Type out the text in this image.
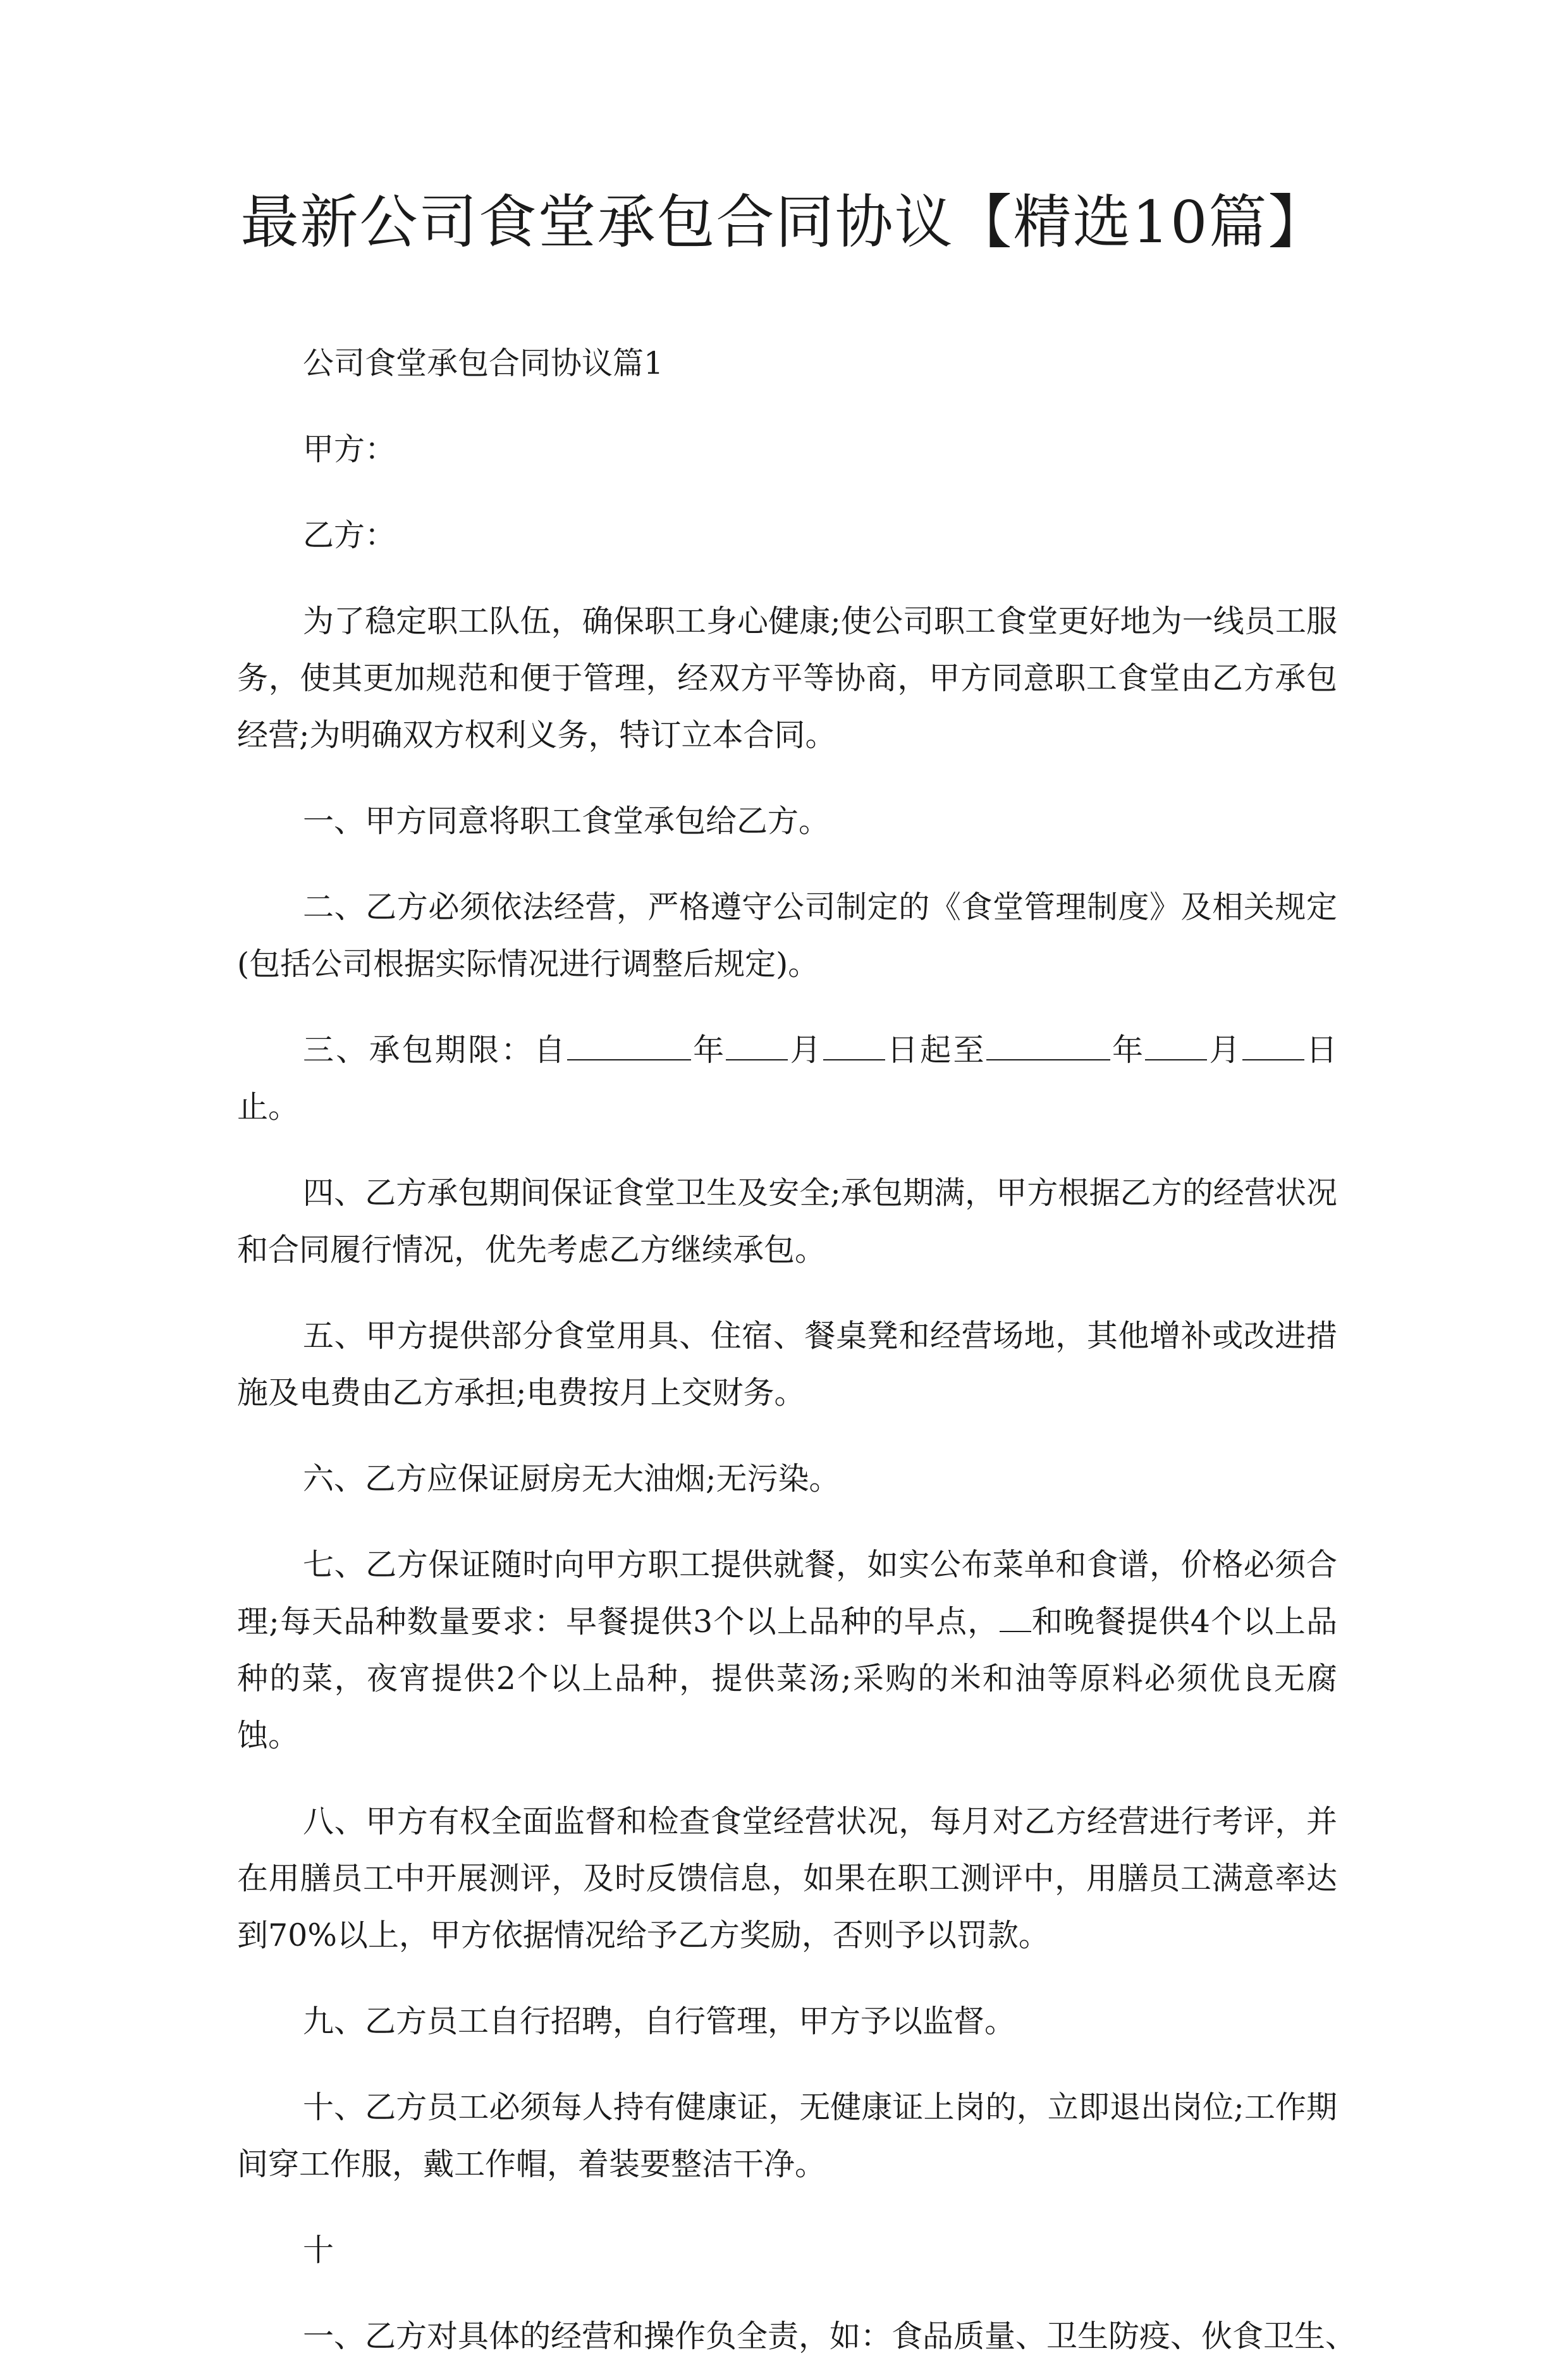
最新公司食堂承包合同协议【精选10篇】

公司食堂承包合同协议篇1

甲方：

乙方：

为了稳定职工队伍，确保职工身心健康;使公司职工食堂更好地为一线员工服务，使其更加规范和便于管理，经双方平等协商，甲方同意职工食堂由乙方承包经营;为明确双方权利义务，特订立本合同。

一、甲方同意将职工食堂承包给乙方。

二、乙方必须依法经营，严格遵守公司制定的《食堂管理制度》及相关规定(包括公司根据实际情况进行调整后规定)。

三、承包期限：自	年 月 日起至	年 月 日止。

四、乙方承包期间保证食堂卫生及安全;承包期满，甲方根据乙方的经营状况和合同履行情况，优先考虑乙方继续承包。

五、甲方提供部分食堂用具、住宿、餐桌凳和经营场地，其他增补或改进措施及电费由乙方承担;电费按月上交财务。

六、乙方应保证厨房无大油烟;无污染。

七、乙方保证随时向甲方职工提供就餐，如实公布菜单和食谱，价格必须合理;每天品种数量要求：早餐提供3个以上品种的早点， 和晚餐提供4个以上品种的菜，夜宵提供2个以上品种，提供菜汤;采购的米和油等原料必须优良无腐蚀。

八、甲方有权全面监督和检查食堂经营状况，每月对乙方经营进行考评，并在用膳员工中开展测评，及时反馈信息，如果在职工测评中，用膳员工满意率达到70%以上，甲方依据情况给予乙方奖励，否则予以罚款。

九、乙方员工自行招聘，自行管理，甲方予以监督。

十、乙方员工必须每人持有健康证，无健康证上岗的，立即退出岗位;工作期间穿工作服，戴工作帽，着装要整洁干净。

十

一、乙方对具体的经营和操作负全责，如：食品质量、卫生防疫、伙食卫生、
